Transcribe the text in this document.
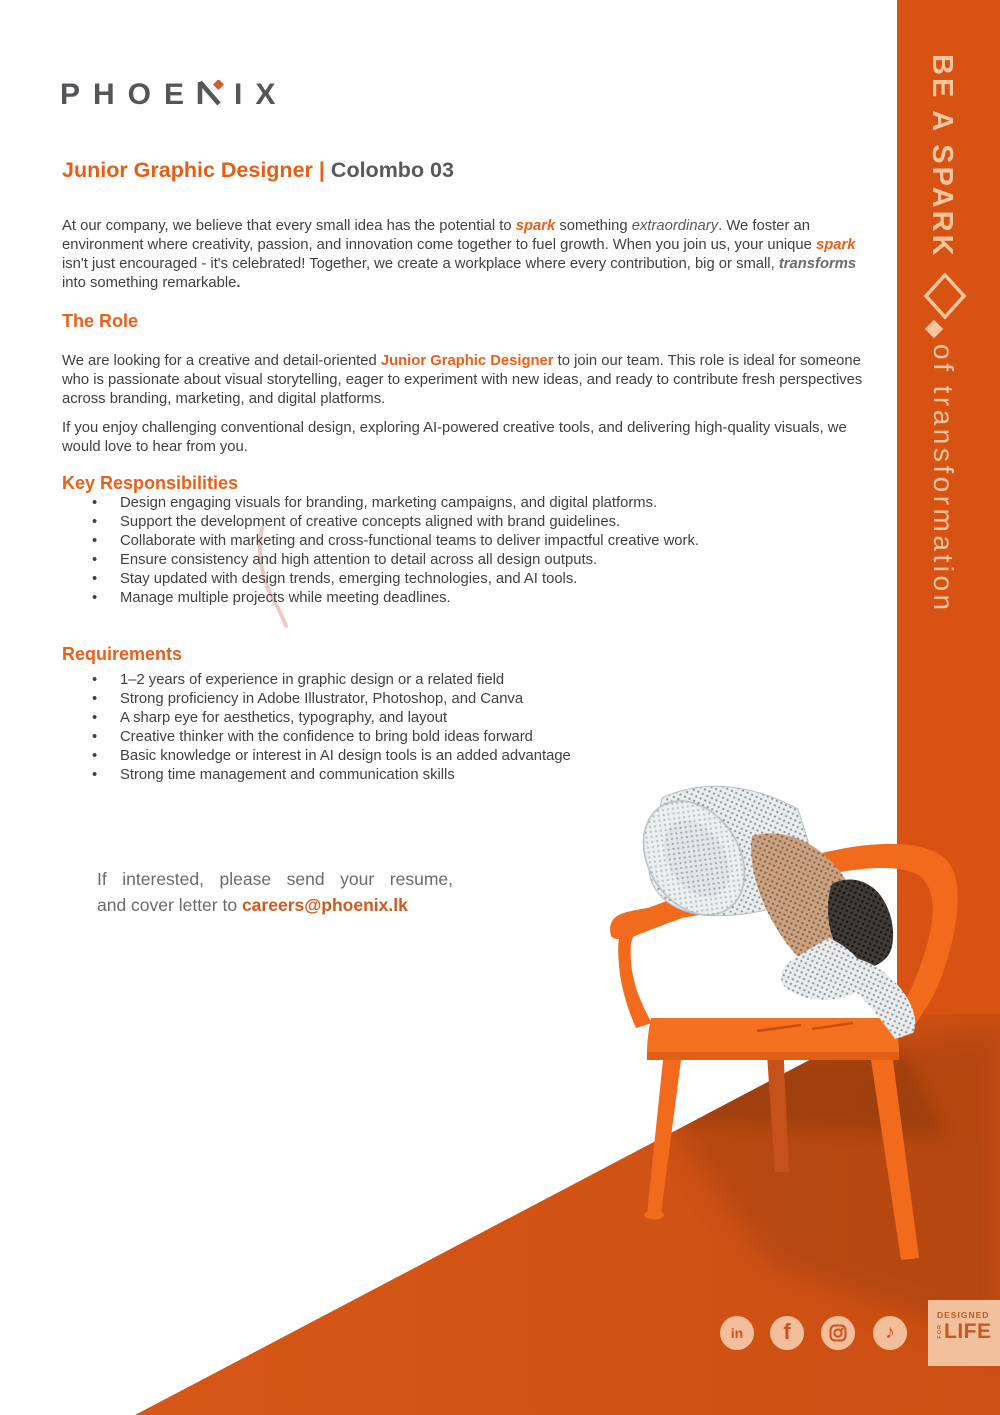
BE A SPARK
of transformation
PHOE IX
Junior Graphic Designer | Colombo 03

At our company, we believe that every small idea has the potential to spark something extraordinary. We foster an environment where creativity, passion, and innovation come together to fuel growth. When you join us, your unique spark isn't just encouraged - it's celebrated! Together, we create a workplace where every contribution, big or small, transforms into something remarkable.

The Role

We are looking for a creative and detail-oriented Junior Graphic Designer to join our team. This role is ideal for someone who is passionate about visual storytelling, eager to experiment with new ideas, and ready to contribute fresh perspectives across branding, marketing, and digital platforms.

If you enjoy challenging conventional design, exploring AI-powered creative tools, and delivering high-quality visuals, we would love to hear from you.

Key Responsibilities
• Design engaging visuals for branding, marketing campaigns, and digital platforms.
• Support the development of creative concepts aligned with brand guidelines.
• Collaborate with marketing and cross-functional teams to deliver impactful creative work.
• Ensure consistency and high attention to detail across all design outputs.
• Stay updated with design trends, emerging technologies, and AI tools.
• Manage multiple projects while meeting deadlines.
Requirements
• 1–2 years of experience in graphic design or a related field
• Strong proficiency in Adobe Illustrator, Photoshop, and Canva
• A sharp eye for aesthetics, typography, and layout
• Creative thinker with the confidence to bring bold ideas forward
• Basic knowledge or interest in AI design tools is an added advantage
• Strong time management and communication skills
If interested, please send your resume,
and cover letter to careers@phoenix.lk
in f	♪
DESIGNED
FOR LIFE
